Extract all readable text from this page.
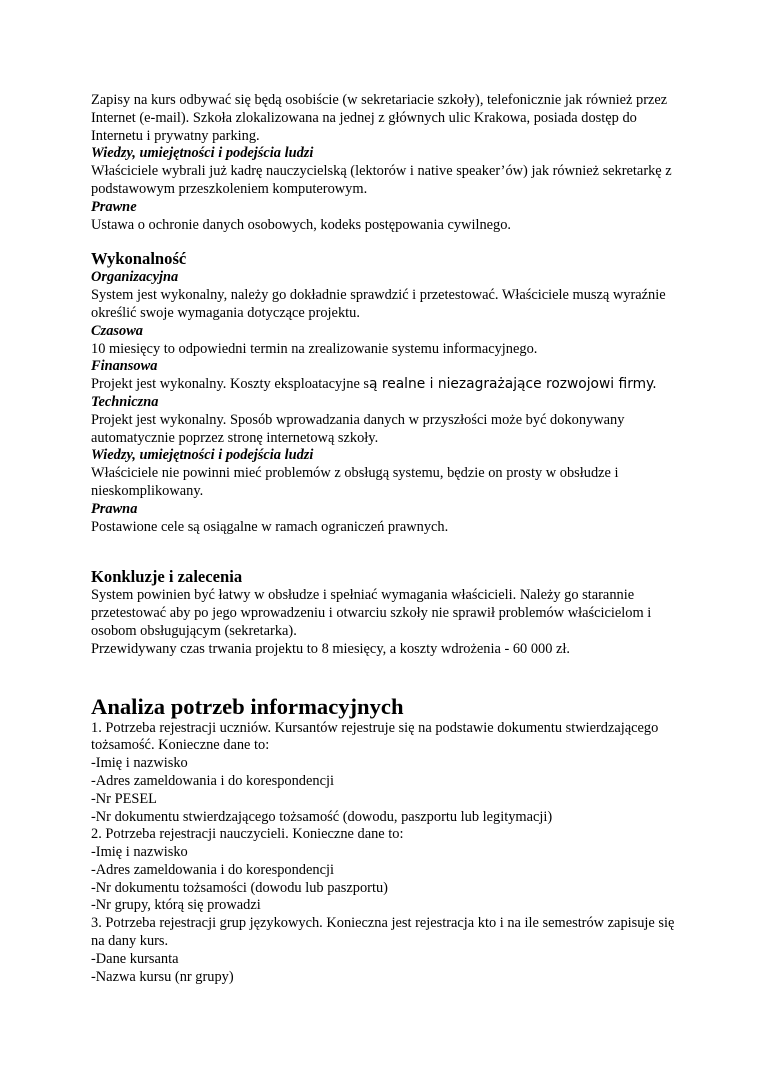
Zapisy na kurs odbywać się będą osobiście (w sekretariacie szkoły), telefonicznie jak również przez Internet (e-mail). Szkoła zlokalizowana na jednej z głównych ulic Krakowa, posiada dostęp do Internetu i prywatny parking.

Wiedzy, umiejętności i podejścia ludzi

Właściciele wybrali już kadrę nauczycielską (lektorów i native speaker’ów) jak również sekretarkę z podstawowym przeszkoleniem komputerowym.

Prawne

Ustawa o ochronie danych osobowych, kodeks postępowania cywilnego.

Wykonalność

Organizacyjna

System jest wykonalny, należy go dokładnie sprawdzić i przetestować. Właściciele muszą wyraźnie określić swoje wymagania dotyczące projektu.

Czasowa

10 miesięcy to odpowiedni termin na zrealizowanie systemu informacyjnego.

Finansowa

Projekt jest wykonalny. Koszty eksploatacyjne są realne i niezagrażające rozwojowi firmy. Techniczna

Projekt jest wykonalny. Sposób wprowadzania danych w przyszłości może być dokonywany automatycznie poprzez stronę internetową szkoły.

Wiedzy, umiejętności i podejścia ludzi

Właściciele nie powinni mieć problemów z obsługą systemu, będzie on prosty w obsłudze i nieskomplikowany.

Prawna

Postawione cele są osiągalne w ramach ograniczeń prawnych.

Konkluzje i zalecenia

System powinien być łatwy w obsłudze i spełniać wymagania właścicieli. Należy go starannie przetestować aby po jego wprowadzeniu i otwarciu szkoły nie sprawił problemów właścicielom i osobom obsługującym (sekretarka).

Przewidywany czas trwania projektu to 8 miesięcy, a koszty wdrożenia - 60 000 zł.

Analiza potrzeb informacyjnych

1. Potrzeba rejestracji uczniów. Kursantów rejestruje się na podstawie dokumentu stwierdzającego tożsamość. Konieczne dane to:

-Imię i nazwisko

-Adres zameldowania i do korespondencji

-Nr PESEL

-Nr dokumentu stwierdzającego tożsamość (dowodu, paszportu lub legitymacji)

2. Potrzeba rejestracji nauczycieli. Konieczne dane to:

-Imię i nazwisko

-Adres zameldowania i do korespondencji

-Nr dokumentu tożsamości (dowodu lub paszportu)

-Nr grupy, którą się prowadzi

3. Potrzeba rejestracji grup językowych. Konieczna jest rejestracja kto i na ile semestrów zapisuje się na dany kurs.

-Dane kursanta

-Nazwa kursu (nr grupy)
